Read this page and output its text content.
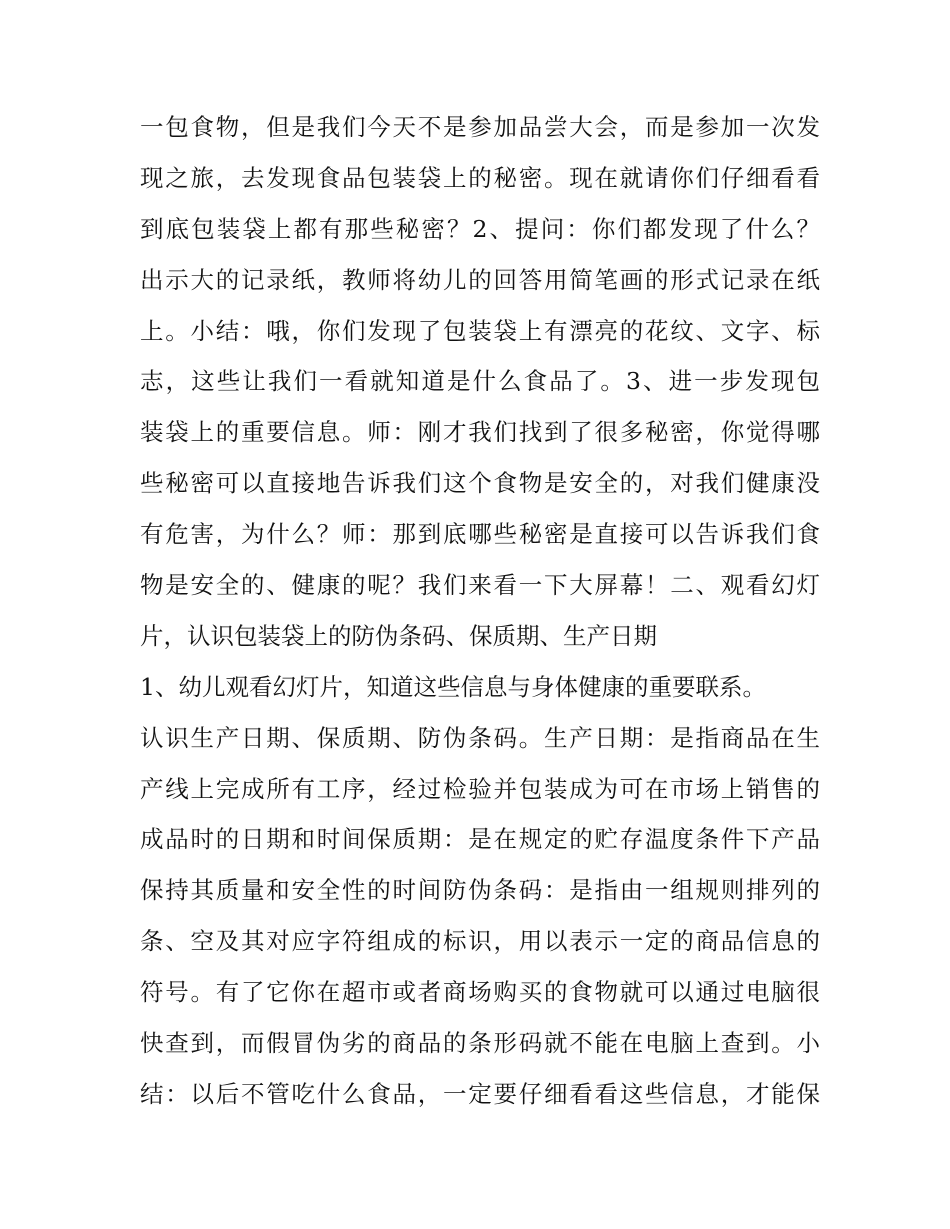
一包食物，但是我们今天不是参加品尝大会，而是参加一次发
现之旅，去发现食品包装袋上的秘密。现在就请你们仔细看看
到底包装袋上都有那些秘密？2、提问：你们都发现了什么？
出示大的记录纸，教师将幼儿的回答用简笔画的形式记录在纸
上。小结：哦，你们发现了包装袋上有漂亮的花纹、文字、标
志，这些让我们一看就知道是什么食品了。3、进一步发现包
装袋上的重要信息。师：刚才我们找到了很多秘密，你觉得哪
些秘密可以直接地告诉我们这个食物是安全的，对我们健康没
有危害，为什么？师：那到底哪些秘密是直接可以告诉我们食
物是安全的、健康的呢？我们来看一下大屏幕！二、观看幻灯
片，认识包装袋上的防伪条码、保质期、生产日期
1、幼儿观看幻灯片，知道这些信息与身体健康的重要联系。
认识生产日期、保质期、防伪条码。生产日期：是指商品在生
产线上完成所有工序，经过检验并包装成为可在市场上销售的
成品时的日期和时间保质期：是在规定的贮存温度条件下产品
保持其质量和安全性的时间防伪条码：是指由一组规则排列的
条、空及其对应字符组成的标识，用以表示一定的商品信息的
符号。有了它你在超市或者商场购买的食物就可以通过电脑很
快查到，而假冒伪劣的商品的条形码就不能在电脑上查到。小
结：以后不管吃什么食品，一定要仔细看看这些信息，才能保
